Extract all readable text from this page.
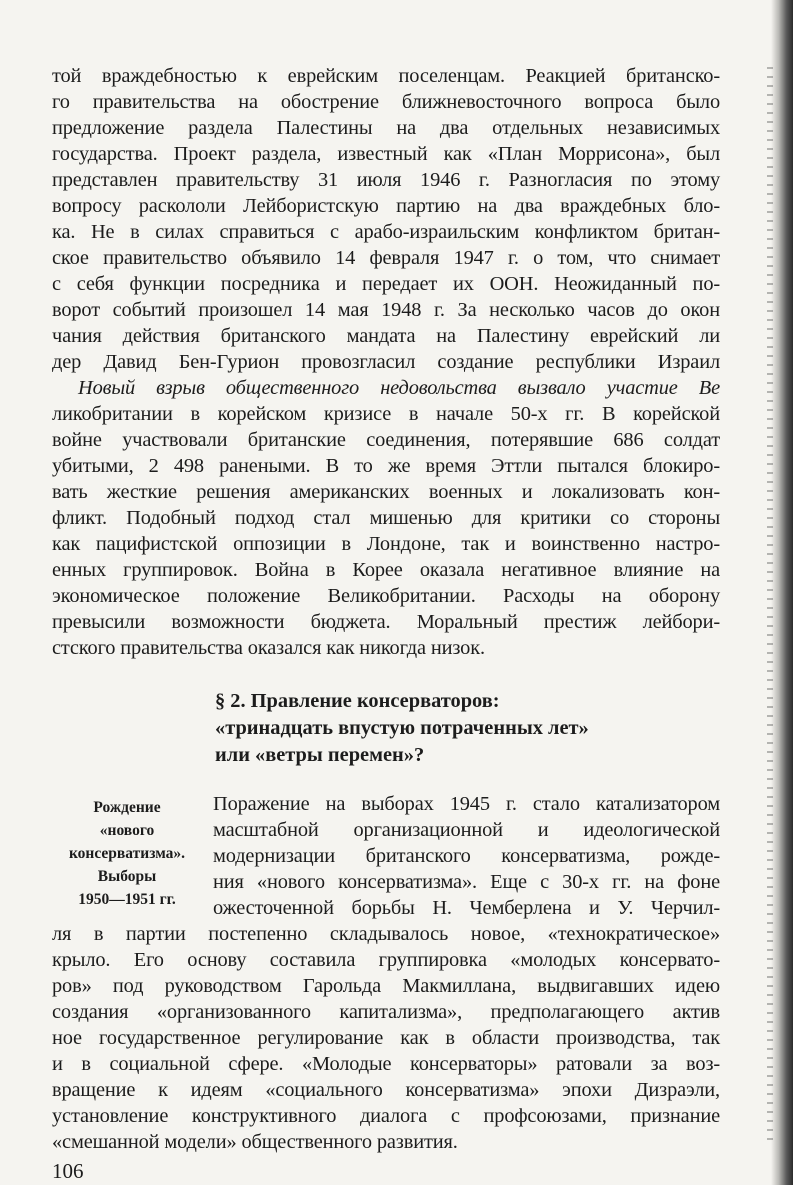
той враждебностью к еврейским поселенцам. Реакцией британско-
го правительства на обострение ближневосточного вопроса было
предложение раздела Палестины на два отдельных независимых
государства. Проект раздела, известный как «План Моррисона», был
представлен правительству 31 июля 1946 г. Разногласия по этому
вопросу раскололи Лейбористскую партию на два враждебных бло-
ка. Не в силах справиться с арабо-израильским конфликтом британ-
ское правительство объявило 14 февраля 1947 г. о том, что снимает
с себя функции посредника и передает их ООН. Неожиданный по-
ворот событий произошел 14 мая 1948 г. За несколько часов до окон
чания действия британского мандата на Палестину еврейский ли
дер Давид Бен-Гурион провозгласил создание республики Израил
Новый взрыв общественного недовольства вызвало участие Ве
ликобритании в корейском кризисе в начале 50-х гг. В корейской
войне участвовали британские соединения, потерявшие 686 солдат
убитыми, 2 498 ранеными. В то же время Эттли пытался блокиро-
вать жесткие решения американских военных и локализовать кон-
фликт. Подобный подход стал мишенью для критики со стороны
как пацифистской оппозиции в Лондоне, так и воинственно настро-
енных группировок. Война в Корее оказала негативное влияние на
экономическое положение Великобритании. Расходы на оборону
превысили возможности бюджета. Моральный престиж лейбори-
стского правительства оказался как никогда низок.
§ 2. Правление консерваторов:
«тринадцать впустую потраченных лет»
или «ветры перемен»?
Рождение
«нового
консерватизма».
Выборы
1950—1951 гг.
Поражение на выборах 1945 г. стало катализатором
масштабной организационной и идеологической
модернизации британского консерватизма, рожде-
ния «нового консерватизма». Еще с 30-х гг. на фоне
ожесточенной борьбы Н. Чемберлена и У. Черчил-
ля в партии постепенно складывалось новое, «технократическое»
крыло. Его основу составила группировка «молодых консервато-
ров» под руководством Гарольда Макмиллана, выдвигавших идею
создания «организованного капитализма», предполагающего актив
ное государственное регулирование как в области производства, так
и в социальной сфере. «Молодые консерваторы» ратовали за воз-
вращение к идеям «социального консерватизма» эпохи Дизраэли,
установление конструктивного диалога с профсоюзами, признание
«смешанной модели» общественного развития.
106
